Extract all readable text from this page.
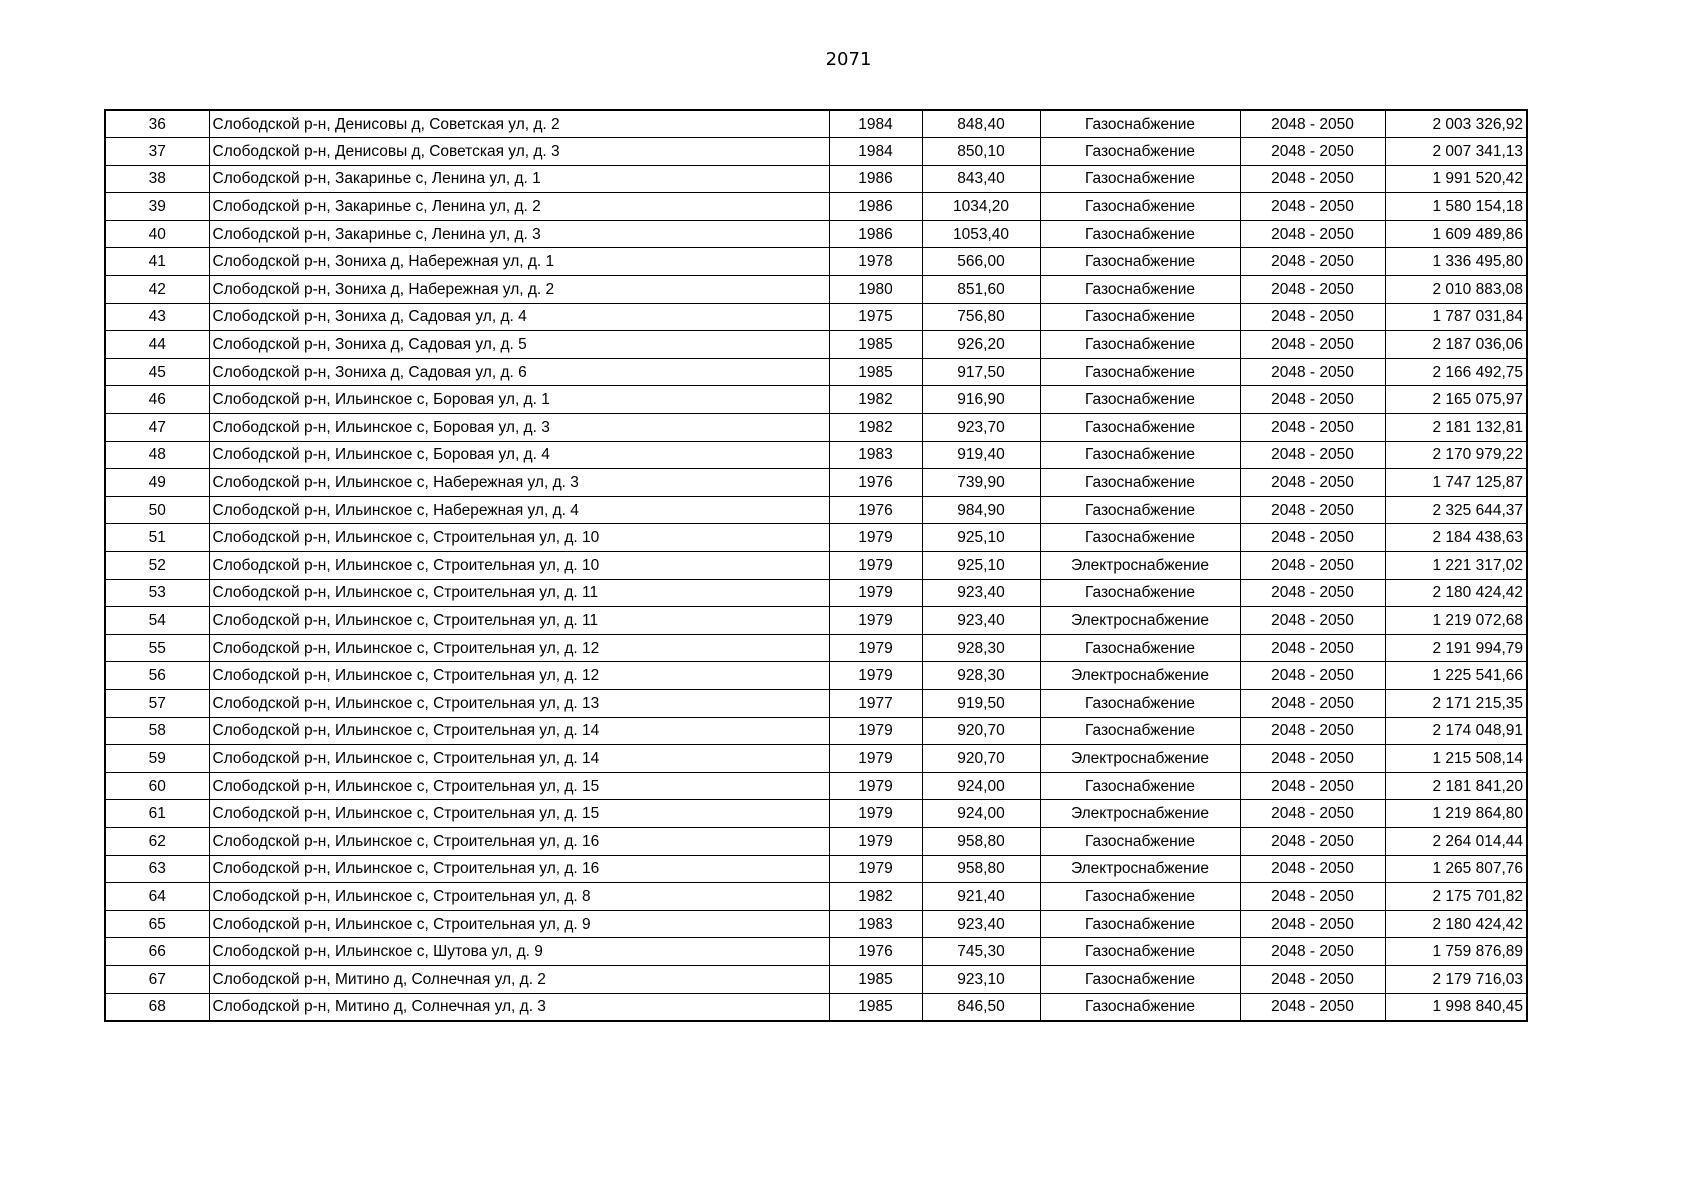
2071
36	Слободской р-н, Денисовы д, Советская ул, д. 2	1984	848,40	Газоснабжение	2048 - 2050	2 003 326,92
37	Слободской р-н, Денисовы д, Советская ул, д. 3	1984	850,10	Газоснабжение	2048 - 2050	2 007 341,13
38	Слободской р-н, Закаринье с, Ленина ул, д. 1	1986	843,40	Газоснабжение	2048 - 2050	1 991 520,42
39	Слободской р-н, Закаринье с, Ленина ул, д. 2	1986	1034,20	Газоснабжение	2048 - 2050	1 580 154,18
40	Слободской р-н, Закаринье с, Ленина ул, д. 3	1986	1053,40	Газоснабжение	2048 - 2050	1 609 489,86
41	Слободской р-н, Зониха д, Набережная ул, д. 1	1978	566,00	Газоснабжение	2048 - 2050	1 336 495,80
42	Слободской р-н, Зониха д, Набережная ул, д. 2	1980	851,60	Газоснабжение	2048 - 2050	2 010 883,08
43	Слободской р-н, Зониха д, Садовая ул, д. 4	1975	756,80	Газоснабжение	2048 - 2050	1 787 031,84
44	Слободской р-н, Зониха д, Садовая ул, д. 5	1985	926,20	Газоснабжение	2048 - 2050	2 187 036,06
45	Слободской р-н, Зониха д, Садовая ул, д. 6	1985	917,50	Газоснабжение	2048 - 2050	2 166 492,75
46	Слободской р-н, Ильинское с, Боровая ул, д. 1	1982	916,90	Газоснабжение	2048 - 2050	2 165 075,97
47	Слободской р-н, Ильинское с, Боровая ул, д. 3	1982	923,70	Газоснабжение	2048 - 2050	2 181 132,81
48	Слободской р-н, Ильинское с, Боровая ул, д. 4	1983	919,40	Газоснабжение	2048 - 2050	2 170 979,22
49	Слободской р-н, Ильинское с, Набережная ул, д. 3	1976	739,90	Газоснабжение	2048 - 2050	1 747 125,87
50	Слободской р-н, Ильинское с, Набережная ул, д. 4	1976	984,90	Газоснабжение	2048 - 2050	2 325 644,37
51	Слободской р-н, Ильинское с, Строительная ул, д. 10	1979	925,10	Газоснабжение	2048 - 2050	2 184 438,63
52	Слободской р-н, Ильинское с, Строительная ул, д. 10	1979	925,10	Электроснабжение	2048 - 2050	1 221 317,02
53	Слободской р-н, Ильинское с, Строительная ул, д. 11	1979	923,40	Газоснабжение	2048 - 2050	2 180 424,42
54	Слободской р-н, Ильинское с, Строительная ул, д. 11	1979	923,40	Электроснабжение	2048 - 2050	1 219 072,68
55	Слободской р-н, Ильинское с, Строительная ул, д. 12	1979	928,30	Газоснабжение	2048 - 2050	2 191 994,79
56	Слободской р-н, Ильинское с, Строительная ул, д. 12	1979	928,30	Электроснабжение	2048 - 2050	1 225 541,66
57	Слободской р-н, Ильинское с, Строительная ул, д. 13	1977	919,50	Газоснабжение	2048 - 2050	2 171 215,35
58	Слободской р-н, Ильинское с, Строительная ул, д. 14	1979	920,70	Газоснабжение	2048 - 2050	2 174 048,91
59	Слободской р-н, Ильинское с, Строительная ул, д. 14	1979	920,70	Электроснабжение	2048 - 2050	1 215 508,14
60	Слободской р-н, Ильинское с, Строительная ул, д. 15	1979	924,00	Газоснабжение	2048 - 2050	2 181 841,20
61	Слободской р-н, Ильинское с, Строительная ул, д. 15	1979	924,00	Электроснабжение	2048 - 2050	1 219 864,80
62	Слободской р-н, Ильинское с, Строительная ул, д. 16	1979	958,80	Газоснабжение	2048 - 2050	2 264 014,44
63	Слободской р-н, Ильинское с, Строительная ул, д. 16	1979	958,80	Электроснабжение	2048 - 2050	1 265 807,76
64	Слободской р-н, Ильинское с, Строительная ул, д. 8	1982	921,40	Газоснабжение	2048 - 2050	2 175 701,82
65	Слободской р-н, Ильинское с, Строительная ул, д. 9	1983	923,40	Газоснабжение	2048 - 2050	2 180 424,42
66	Слободской р-н, Ильинское с, Шутова ул, д. 9	1976	745,30	Газоснабжение	2048 - 2050	1 759 876,89
67	Слободской р-н, Митино д, Солнечная ул, д. 2	1985	923,10	Газоснабжение	2048 - 2050	2 179 716,03
68	Слободской р-н, Митино д, Солнечная ул, д. 3	1985	846,50	Газоснабжение	2048 - 2050	1 998 840,45
